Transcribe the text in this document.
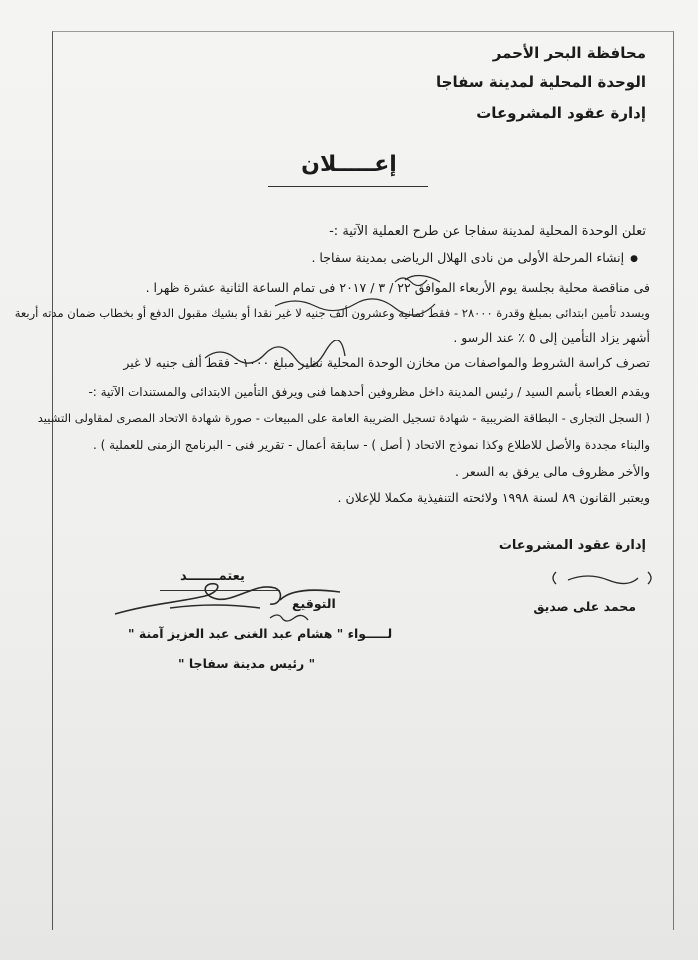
محافظة البحر الأحمر
الوحدة المحلية لمدينة سفاجا
إدارة عقود المشروعات
إعـــــلان
تعلن الوحدة المحلية لمدينة سفاجا عن طرح العملية الآتية :-
●إنشاء المرحلة الأولى من نادى الهلال الرياضى بمدينة سفاجا .
فى مناقصة محلية بجلسة يوم الأربعاء الموافق ٢٢ / ٣ / ٢٠١٧ فى تمام الساعة الثانية عشرة ظهرا .
ويسدد تأمين ابتدائى بمبلغ وقدرة ٢٨٠٠٠ - فقط ثمانية وعشرون ألف جنيه لا غير نقدا أو بشيك مقبول الدفع أو بخطاب ضمان مدته أربعة
أشهر يزاد التأمين إلى ٥ ٪ عند الرسو .
تصرف كراسة الشروط والمواصفات من مخازن الوحدة المحلية نظير مبلغ ١٠٠٠ - فقط ألف جنيه لا غير
ويقدم العطاء بأسم السيد / رئيس المدينة داخل مظروفين أحدهما فنى ويرفق التأمين الابتدائى والمستندات الآتية :-
( السجل التجارى - البطاقة الضريبية - شهادة تسجيل الضريبة العامة على المبيعات - صورة شهادة الاتحاد المصرى لمقاولى التشييد
والبناء مجددة والأصل للاطلاع وكذا نموذج الاتحاد ( أصل ) - سابقة أعمال - تقرير فنى - البرنامج الزمنى للعملية ) .
والأخر مظروف مالى يرفق به السعر .
ويعتبر القانون ٨٩ لسنة ١٩٩٨ ولائحته التنفيذية مكملا للإعلان .
إدارة عقود المشروعات
محمد على صديق
يعتمـــــــد
التوقيع
لـــــواء " هشام عبد الغنى عبد العزيز آمنة "
" رئيس مدينة سفاجا "
